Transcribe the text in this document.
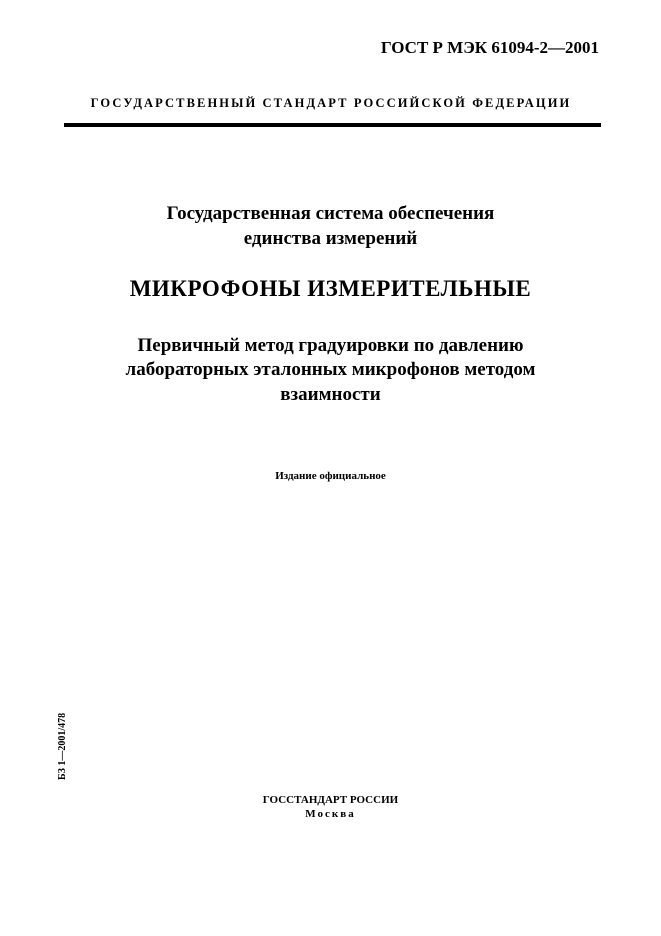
ГОСТ Р МЭК 61094-2—2001
ГОСУДАРСТВЕННЫЙ СТАНДАРТ РОССИЙСКОЙ ФЕДЕРАЦИИ
Государственная система обеспечения
единства измерений
МИКРОФОНЫ ИЗМЕРИТЕЛЬНЫЕ
Первичный метод градуировки по давлению
лабораторных эталонных микрофонов методом
взаимности
Издание официальное
БЗ 1—2001/478
ГОССТАНДАРТ РОССИИ
Москва
